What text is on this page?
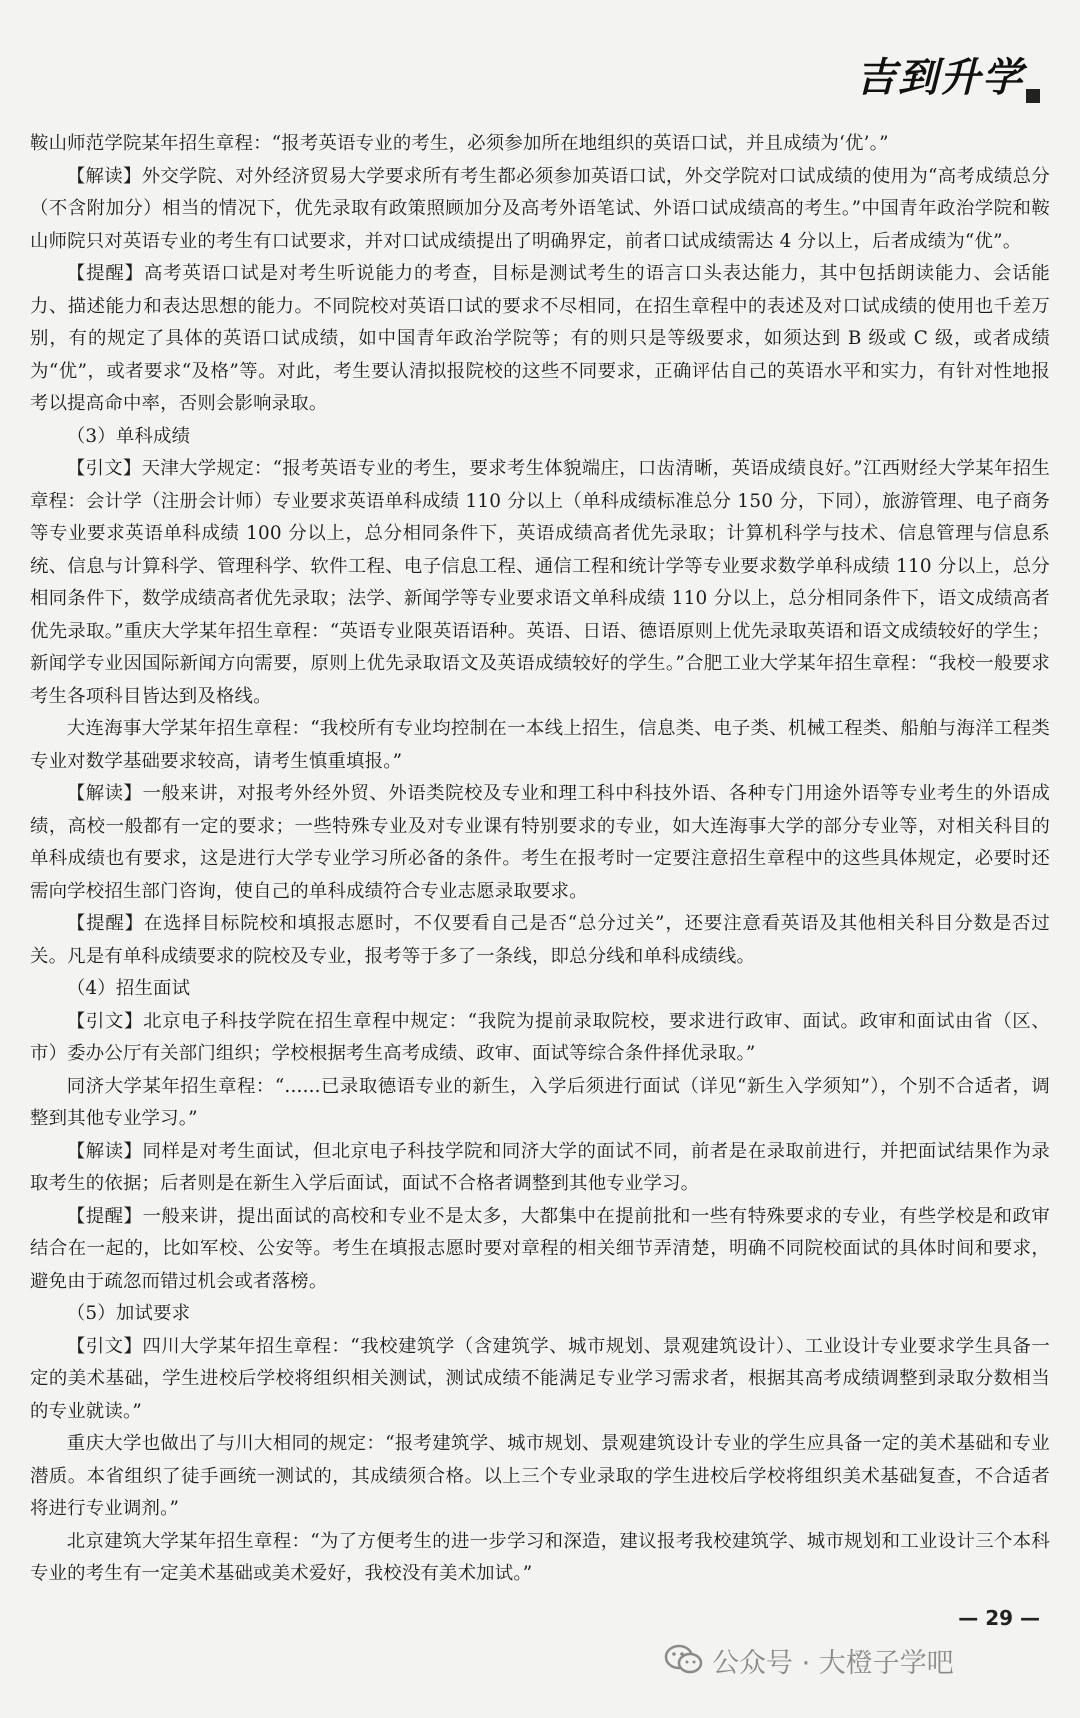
吉到升学

鞍山师范学院某年招生章程：“报考英语专业的考生，必须参加所在地组织的英语口试，并且成绩为‘优’。”

【解读】外交学院、对外经济贸易大学要求所有考生都必须参加英语口试，外交学院对口试成绩的使用为“高考成绩总分（不含附加分）相当的情况下，优先录取有政策照顾加分及高考外语笔试、外语口试成绩高的考生。”中国青年政治学院和鞍山师院只对英语专业的考生有口试要求，并对口试成绩提出了明确界定，前者口试成绩需达 4 分以上，后者成绩为“优”。

【提醒】高考英语口试是对考生听说能力的考查，目标是测试考生的语言口头表达能力，其中包括朗读能力、会话能力、描述能力和表达思想的能力。不同院校对英语口试的要求不尽相同，在招生章程中的表述及对口试成绩的使用也千差万别，有的规定了具体的英语口试成绩，如中国青年政治学院等；有的则只是等级要求，如须达到 B 级或 C 级，或者成绩为“优”，或者要求“及格”等。对此，考生要认清拟报院校的这些不同要求，正确评估自己的英语水平和实力，有针对性地报考以提高命中率，否则会影响录取。

（3）单科成绩

【引文】天津大学规定：“报考英语专业的考生，要求考生体貌端庄，口齿清晰，英语成绩良好。”江西财经大学某年招生章程：会计学（注册会计师）专业要求英语单科成绩 110 分以上（单科成绩标准总分 150 分，下同），旅游管理、电子商务等专业要求英语单科成绩 100 分以上，总分相同条件下，英语成绩高者优先录取；计算机科学与技术、信息管理与信息系统、信息与计算科学、管理科学、软件工程、电子信息工程、通信工程和统计学等专业要求数学单科成绩 110 分以上，总分相同条件下，数学成绩高者优先录取；法学、新闻学等专业要求语文单科成绩 110 分以上，总分相同条件下，语文成绩高者优先录取。”重庆大学某年招生章程：“英语专业限英语语种。英语、日语、德语原则上优先录取英语和语文成绩较好的学生；新闻学专业因国际新闻方向需要，原则上优先录取语文及英语成绩较好的学生。”合肥工业大学某年招生章程：“我校一般要求考生各项科目皆达到及格线。

大连海事大学某年招生章程：“我校所有专业均控制在一本线上招生，信息类、电子类、机械工程类、船舶与海洋工程类专业对数学基础要求较高，请考生慎重填报。”

【解读】一般来讲，对报考外经外贸、外语类院校及专业和理工科中科技外语、各种专门用途外语等专业考生的外语成绩，高校一般都有一定的要求；一些特殊专业及对专业课有特别要求的专业，如大连海事大学的部分专业等，对相关科目的单科成绩也有要求，这是进行大学专业学习所必备的条件。考生在报考时一定要注意招生章程中的这些具体规定，必要时还需向学校招生部门咨询，使自己的单科成绩符合专业志愿录取要求。

【提醒】在选择目标院校和填报志愿时，不仅要看自己是否“总分过关”，还要注意看英语及其他相关科目分数是否过关。凡是有单科成绩要求的院校及专业，报考等于多了一条线，即总分线和单科成绩线。

（4）招生面试

【引文】北京电子科技学院在招生章程中规定：“我院为提前录取院校，要求进行政审、面试。政审和面试由省（区、市）委办公厅有关部门组织；学校根据考生高考成绩、政审、面试等综合条件择优录取。”

同济大学某年招生章程：“......已录取德语专业的新生，入学后须进行面试（详见“新生入学须知”），个别不合适者，调整到其他专业学习。”

【解读】同样是对考生面试，但北京电子科技学院和同济大学的面试不同，前者是在录取前进行，并把面试结果作为录取考生的依据；后者则是在新生入学后面试，面试不合格者调整到其他专业学习。

【提醒】一般来讲，提出面试的高校和专业不是太多，大都集中在提前批和一些有特殊要求的专业，有些学校是和政审结合在一起的，比如军校、公安等。考生在填报志愿时要对章程的相关细节弄清楚，明确不同院校面试的具体时间和要求，避免由于疏忽而错过机会或者落榜。

（5）加试要求

【引文】四川大学某年招生章程：“我校建筑学（含建筑学、城市规划、景观建筑设计）、工业设计专业要求学生具备一定的美术基础，学生进校后学校将组织相关测试，测试成绩不能满足专业学习需求者，根据其高考成绩调整到录取分数相当的专业就读。”

重庆大学也做出了与川大相同的规定：“报考建筑学、城市规划、景观建筑设计专业的学生应具备一定的美术基础和专业潜质。本省组织了徒手画统一测试的，其成绩须合格。以上三个专业录取的学生进校后学校将组织美术基础复查，不合适者将进行专业调剂。”

北京建筑大学某年招生章程：“为了方便考生的进一步学习和深造，建议报考我校建筑学、城市规划和工业设计三个本科专业的考生有一定美术基础或美术爱好，我校没有美术加试。”

— 29 —
公众号 · 大橙子学吧
